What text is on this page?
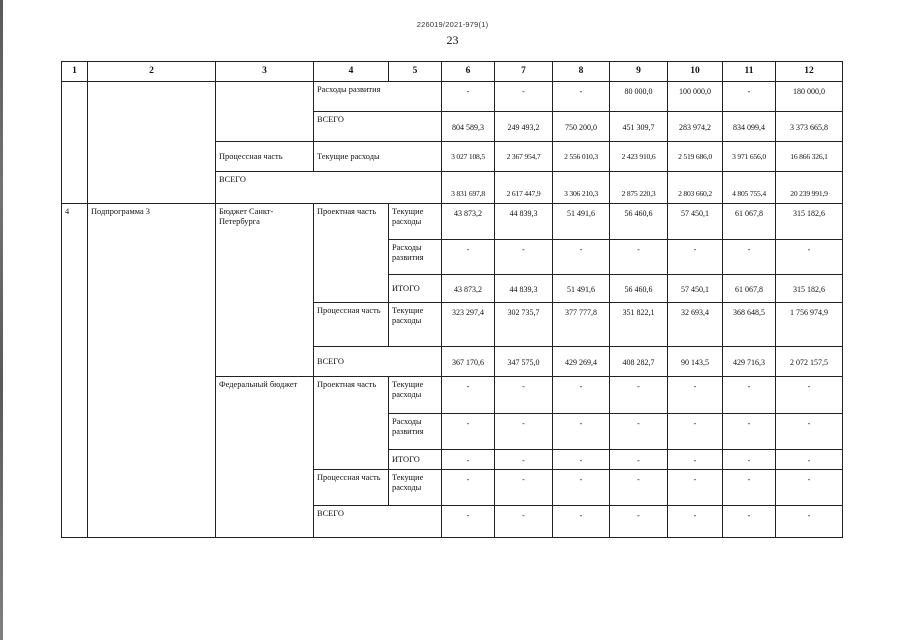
226019/2021-979(1)
23
1	2	3	4	5	6	7	8	9	10	11	12
			Расходы развития		-	-	-	80 000,0	100 000,0	-	180 000,0
			ВСЕГО		804 589,3	249 493,2	750 200,0	451 309,7	283 974,2	834 099,4	3 373 665,8
		Процессная часть	Текущие расходы		3 027 108,5	2 367 954,7	2 556 010,3	2 423 910,6	2 519 686,0	3 971 656,0	16 866 326,1
		ВСЕГО			3 831 697,8	2 617 447,9	3 306 210,3	2 875 220,3	2 803 660,2	4 805 755,4	20 239 991,9
4	Подпрограмма 3	Бюджет Санкт-Петербурга	Проектная часть	Текущие расходы	43 873,2	44 839,3	51 491,6	56 460,6	57 450,1	61 067,8	315 182,6
				Расходы развития	-	-	-	-	-	-	-
				ИТОГО	43 873,2	44 839,3	51 491,6	56 460,6	57 450,1	61 067,8	315 182,6
			Процессная часть	Текущие расходы	323 297,4	302 735,7	377 777,8	351 822,1	32 693,4	368 648,5	1 756 974,9
			ВСЕГО		367 170,6	347 575,0	429 269,4	408 282,7	90 143,5	429 716,3	2 072 157,5
		Федеральный бюджет	Проектная часть	Текущие расходы	-	-	-	-	-	-	-
				Расходы развития	-	-	-	-	-	-	-
				ИТОГО	-	-	-	-	-	-	-
			Процессная часть	Текущие расходы	-	-	-	-	-	-	-
			ВСЕГО		-	-	-	-	-	-	-
